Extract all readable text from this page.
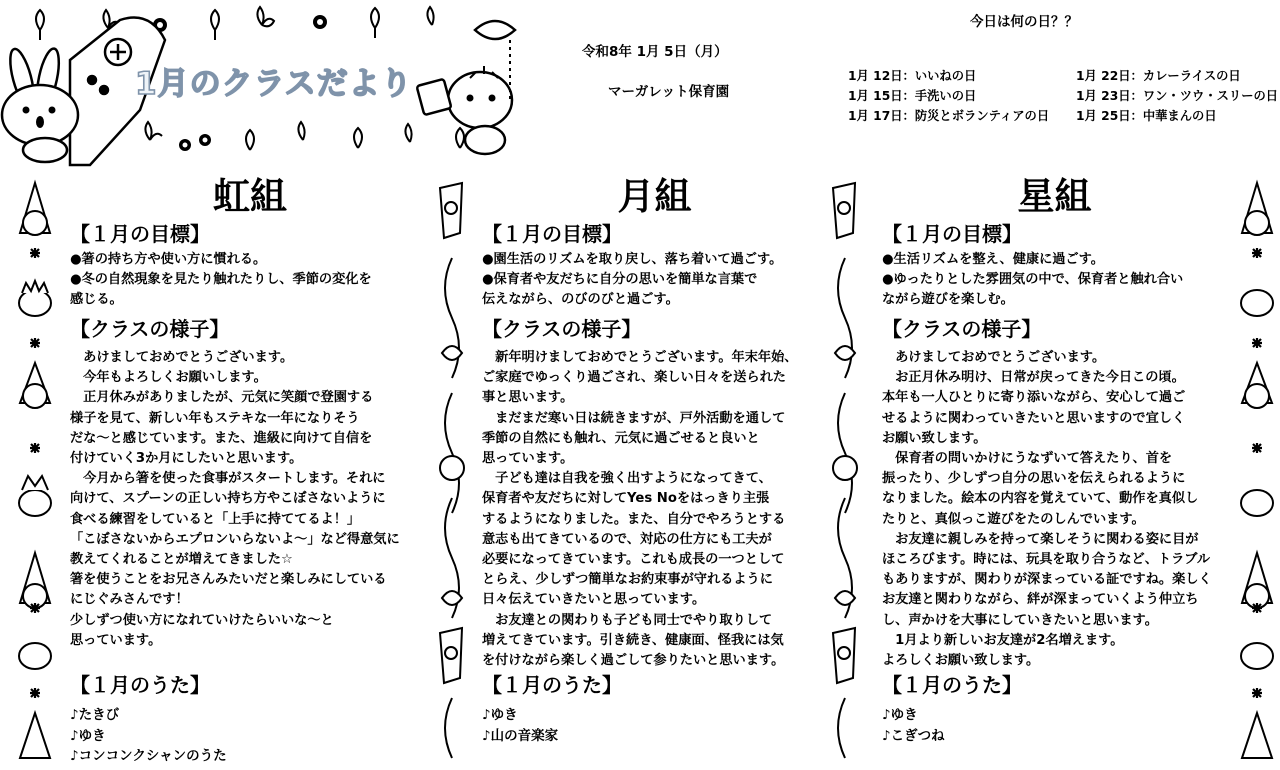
1月のクラスだより
令和8年 1月 5日（月）
マーガレット保育園
今日は何の日？？
1月 12日：いいねの日
1月 15日：手洗いの日
1月 17日：防災とボランティアの日
1月 22日：カレーライスの日
1月 23日：ワン・ツウ・スリーの日
1月 25日：中華まんの日
虹組
【１月の目標】
●箸の持ち方や使い方に慣れる。
●冬の自然現象を見たり触れたりし、季節の変化を
感じる。
【クラスの様子】
　あけましておめでとうございます。
　今年もよろしくお願いします。
　正月休みがありましたが、元気に笑顔で登園する
様子を見て、新しい年もステキな一年になりそう
だな～と感じています。また、進級に向けて自信を
付けていく3か月にしたいと思います。
　今月から箸を使った食事がスタートします。それに
向けて、スプーンの正しい持ち方やこぼさないように
食べる練習をしていると「上手に持ててるよ！」
「こぼさないからエプロンいらないよ～」など得意気に
教えてくれることが増えてきました☆
箸を使うことをお兄さんみたいだと楽しみにしている
にじぐみさんです！
少しずつ使い方になれていけたらいいな～と
思っています。
【１月のうた】
♪たきび
♪ゆき
♪コンコンクシャンのうた
月組
【１月の目標】
●園生活のリズムを取り戻し、落ち着いて過ごす。
●保育者や友だちに自分の思いを簡単な言葉で
伝えながら、のびのびと過ごす。
【クラスの様子】
　新年明けましておめでとうございます。年末年始、
ご家庭でゆっくり過ごされ、楽しい日々を送られた
事と思います。
　まだまだ寒い日は続きますが、戸外活動を通して
季節の自然にも触れ、元気に過ごせると良いと
思っています。
　子ども達は自我を強く出すようになってきて、
保育者や友だちに対してYes Noをはっきり主張
するようになりました。また、自分でやろうとする
意志も出てきているので、対応の仕方にも工夫が
必要になってきています。これも成長の一つとして
とらえ、少しずつ簡単なお約束事が守れるように
日々伝えていきたいと思っています。
　お友達との関わりも子ども同士でやり取りして
増えてきています。引き続き、健康面、怪我には気
を付けながら楽しく過ごして参りたいと思います。
【１月のうた】
♪ゆき
♪山の音楽家
星組
【１月の目標】
●生活リズムを整え、健康に過ごす。
●ゆったりとした雰囲気の中で、保育者と触れ合い
ながら遊びを楽しむ。
【クラスの様子】
　あけましておめでとうございます。
　お正月休み明け、日常が戻ってきた今日この頃。
本年も一人ひとりに寄り添いながら、安心して過ご
せるように関わっていきたいと思いますので宜しく
お願い致します。
　保育者の問いかけにうなずいて答えたり、首を
振ったり、少しずつ自分の思いを伝えられるように
なりました。絵本の内容を覚えていて、動作を真似し
たりと、真似っこ遊びをたのしんでいます。
　お友達に親しみを持って楽しそうに関わる姿に目が
ほころびます。時には、玩具を取り合うなど、トラブル
もありますが、関わりが深まっている証ですね。楽しく
お友達と関わりながら、絆が深まっていくよう仲立ち
し、声かけを大事にしていきたいと思います。
　1月より新しいお友達が2名増えます。
よろしくお願い致します。
【１月のうた】
♪ゆき
♪こぎつね
